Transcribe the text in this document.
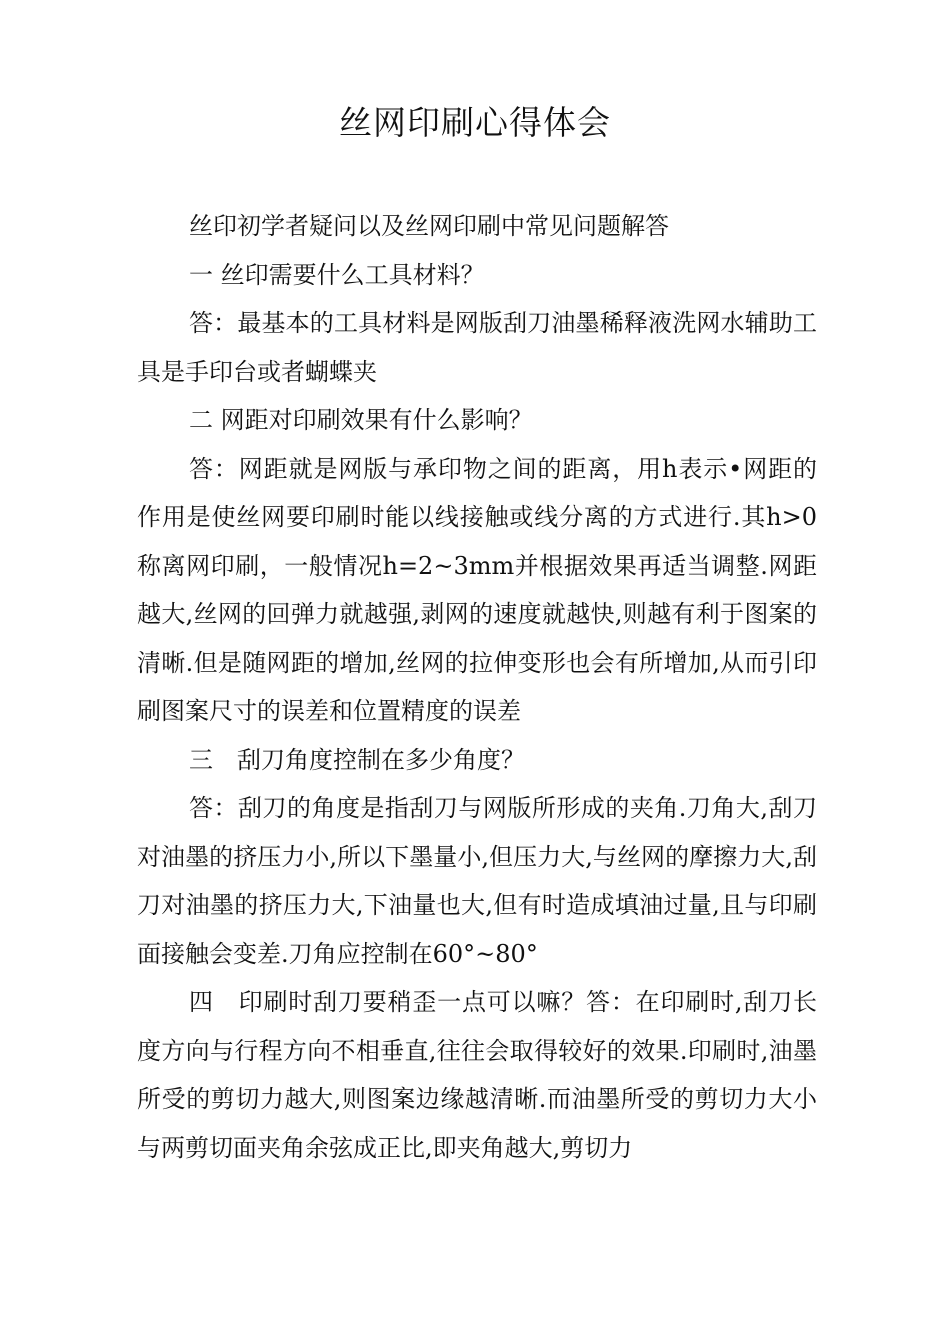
丝网印刷心得体会

丝印初学者疑问以及丝网印刷中常见问题解答

一 丝印需要什么工具材料？

答：最基本的工具材料是网版刮刀油墨稀释液洗网水辅助工具是手印台或者蝴蝶夹

二 网距对印刷效果有什么影响？

答：网距就是网版与承印物之间的距离，用h表示•网距的作用是使丝网要印刷时能以线接触或线分离的方式进行.其h>0称离网印刷，一般情况h=2~3mm并根据效果再适当调整.网距越大,丝网的回弹力就越强,剥网的速度就越快,则越有利于图案的清晰.但是随网距的增加,丝网的拉伸变形也会有所增加,从而引印刷图案尺寸的误差和位置精度的误差

三　刮刀角度控制在多少角度？

答：刮刀的角度是指刮刀与网版所形成的夹角.刀角大,刮刀对油墨的挤压力小,所以下墨量小,但压力大,与丝网的摩擦力大,刮刀对油墨的挤压力大,下油量也大,但有时造成填油过量,且与印刷面接触会变差.刀角应控制在60°~80°

四　印刷时刮刀要稍歪一点可以嘛？答：在印刷时,刮刀长度方向与行程方向不相垂直,往往会取得较好的效果.印刷时,油墨所受的剪切力越大,则图案边缘越清晰.而油墨所受的剪切力大小与两剪切面夹角余弦成正比,即夹角越大,剪切力
